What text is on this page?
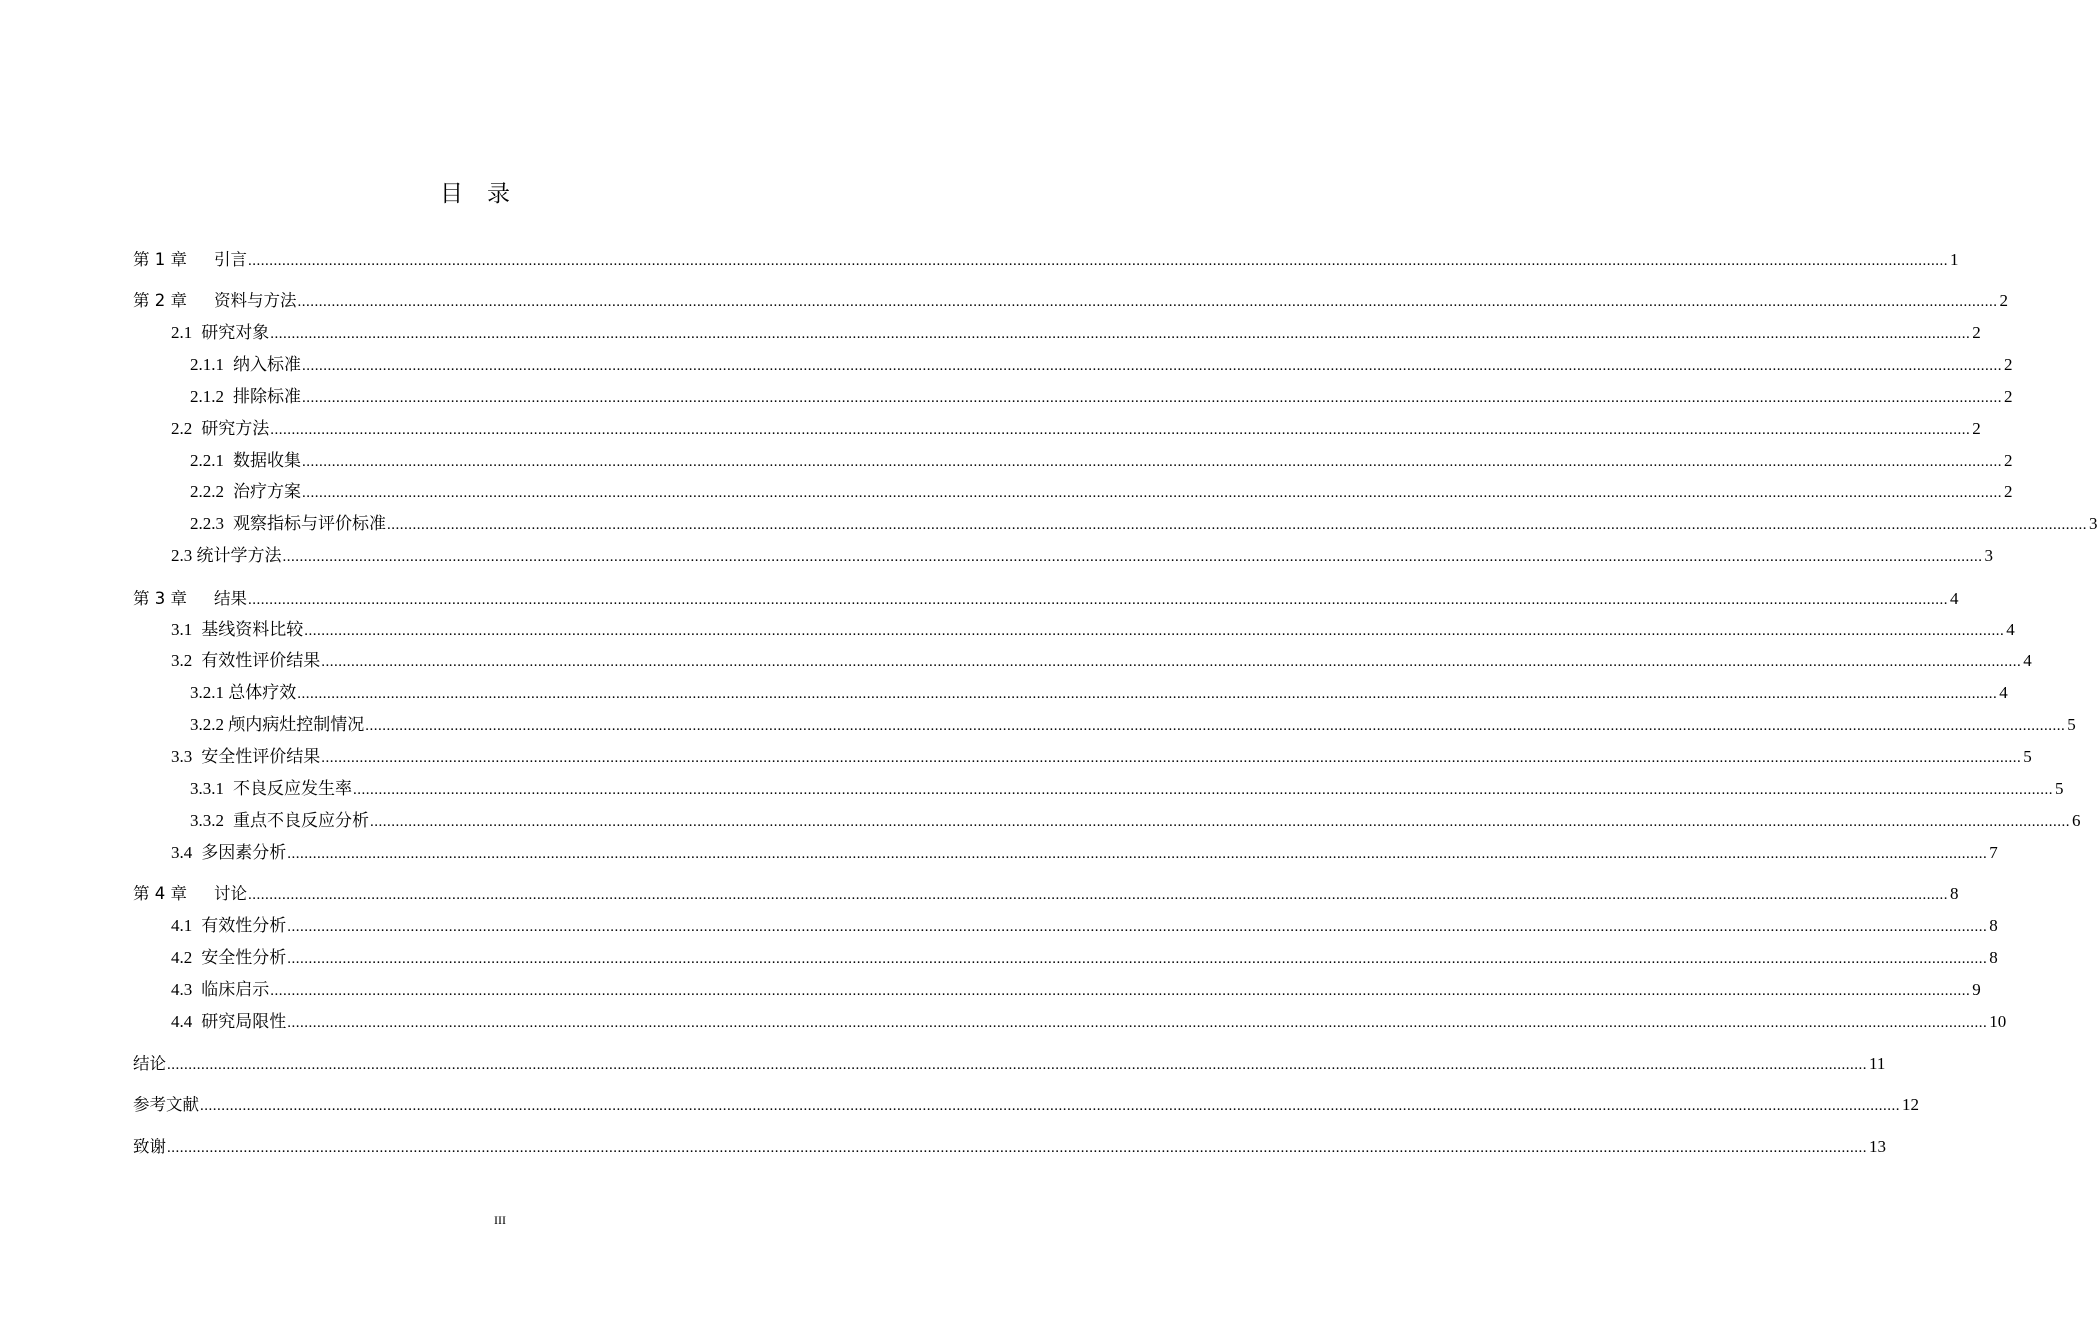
目 录
第 1 章	引言 ................................................................................................................................................................................................................................................................................................................................................................................................................ 1
第 2 章	资料与方法 ................................................................................................................................................................................................................................................................................................................................................................................................................ 2
2.1 研究对象 ................................................................................................................................................................................................................................................................................................................................................................................................................ 2
2.1.1 纳入标准 ................................................................................................................................................................................................................................................................................................................................................................................................................ 2
2.1.2 排除标准 ................................................................................................................................................................................................................................................................................................................................................................................................................ 2
2.2 研究方法 ................................................................................................................................................................................................................................................................................................................................................................................................................ 2
2.2.1 数据收集 ................................................................................................................................................................................................................................................................................................................................................................................................................ 2
2.2.2 治疗方案 ................................................................................................................................................................................................................................................................................................................................................................................................................ 2
2.2.3 观察指标与评价标准 ................................................................................................................................................................................................................................................................................................................................................................................................................ 3
2.3 统计学方法 ................................................................................................................................................................................................................................................................................................................................................................................................................ 3
第 3 章	结果 ................................................................................................................................................................................................................................................................................................................................................................................................................ 4
3.1 基线资料比较 ................................................................................................................................................................................................................................................................................................................................................................................................................ 4
3.2 有效性评价结果 ................................................................................................................................................................................................................................................................................................................................................................................................................ 4
3.2.1 总体疗效 ................................................................................................................................................................................................................................................................................................................................................................................................................ 4
3.2.2 颅内病灶控制情况 ................................................................................................................................................................................................................................................................................................................................................................................................................ 5
3.3 安全性评价结果 ................................................................................................................................................................................................................................................................................................................................................................................................................ 5
3.3.1 不良反应发生率 ................................................................................................................................................................................................................................................................................................................................................................................................................ 5
3.3.2 重点不良反应分析 ................................................................................................................................................................................................................................................................................................................................................................................................................ 6
3.4 多因素分析 ................................................................................................................................................................................................................................................................................................................................................................................................................ 7
第 4 章	讨论 ................................................................................................................................................................................................................................................................................................................................................................................................................ 8
4.1 有效性分析 ................................................................................................................................................................................................................................................................................................................................................................................................................ 8
4.2 安全性分析 ................................................................................................................................................................................................................................................................................................................................................................................................................ 8
4.3 临床启示 ................................................................................................................................................................................................................................................................................................................................................................................................................ 9
4.4 研究局限性 ................................................................................................................................................................................................................................................................................................................................................................................................................ 10
结论 ................................................................................................................................................................................................................................................................................................................................................................................................................ 11
参考文献 ................................................................................................................................................................................................................................................................................................................................................................................................................ 12
致谢 ................................................................................................................................................................................................................................................................................................................................................................................................................ 13
III
